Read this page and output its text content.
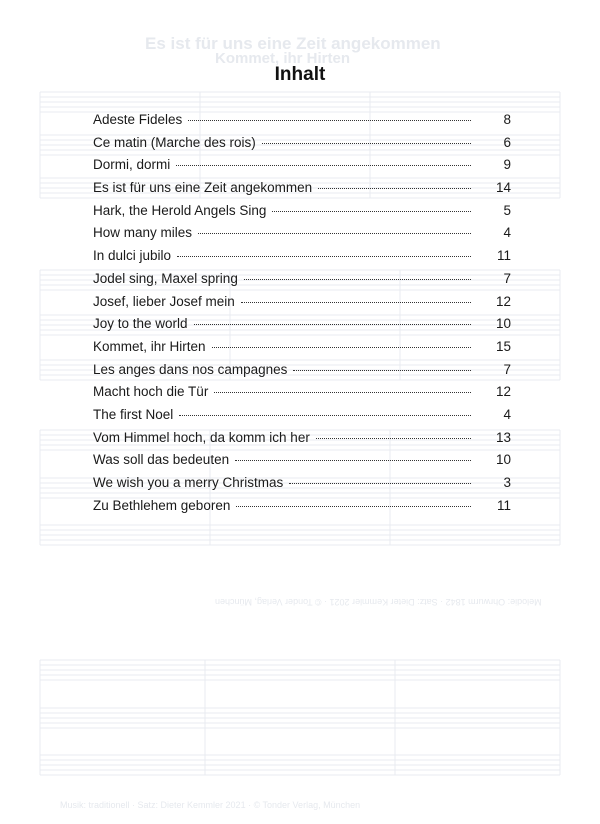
Es ist für uns eine Zeit angekommen
Kommet, ihr Hirten
Melodie: Ohrwurm 1842 · Satz: Dieter Kemmler 2021 · © Tonder Verlag, München
Musik: traditionell · Satz: Dieter Kemmler 2021 · © Tonder Verlag, München
Inhalt
Adeste Fideles	8
Ce matin (Marche des rois)	6
Dormi, dormi	9
Es ist für uns eine Zeit angekommen	14
Hark, the Herold Angels Sing	5
How many miles	4
In dulci jubilo	11
Jodel sing, Maxel spring	7
Josef, lieber Josef mein	12
Joy to the world	10
Kommet, ihr Hirten	15
Les anges dans nos campagnes	7
Macht hoch die Tür	12
The first Noel	4
Vom Himmel hoch, da komm ich her	13
Was soll das bedeuten	10
We wish you a merry Christmas	3
Zu Bethlehem geboren	11
